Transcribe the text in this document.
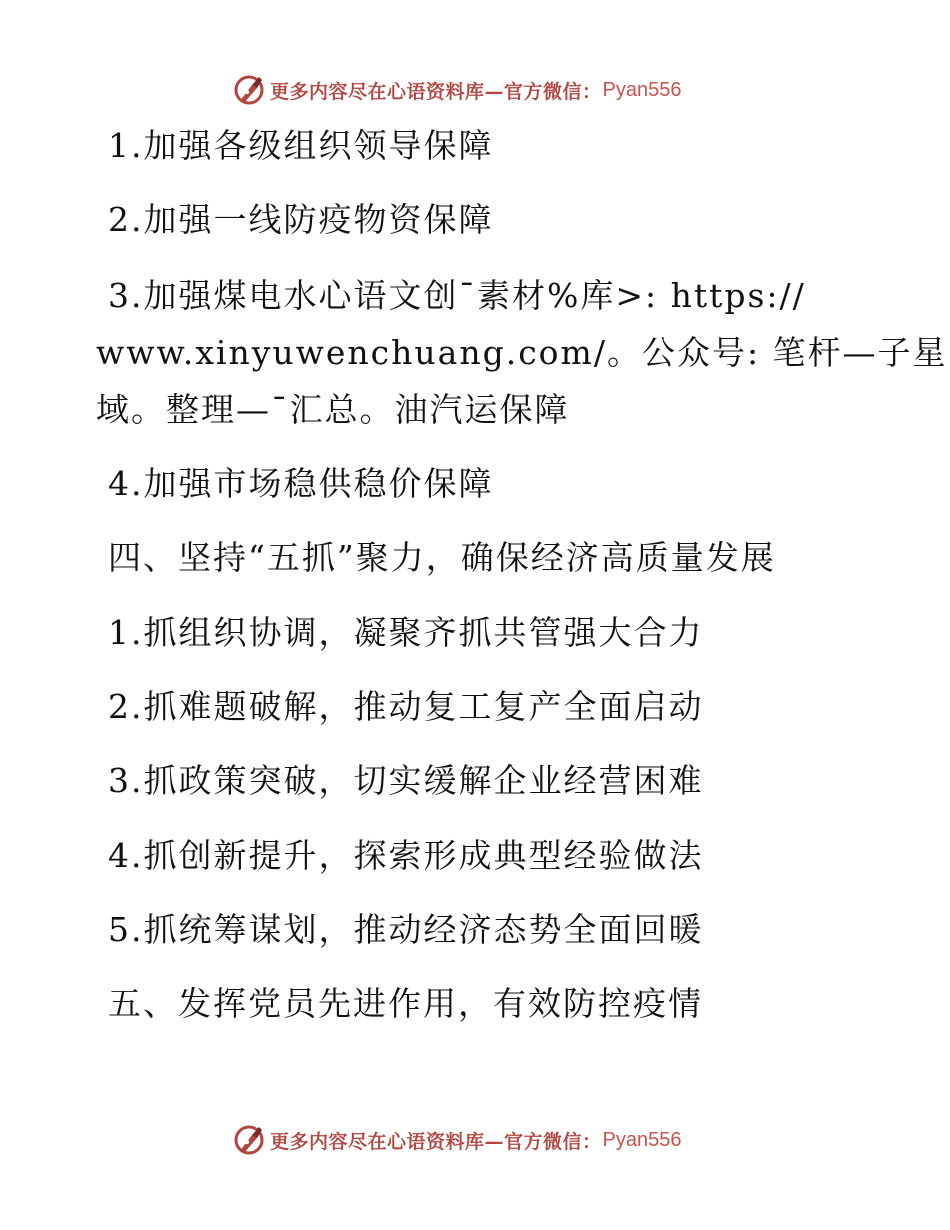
更多内容尽在心语资料库—官方微信： Pyan556

1.加强各级组织领导保障

2.加强一线防疫物资保障

3.加强煤电水心语文创¯素材%库>: https://

www.xinyuwenchuang.com/。公众号: 笔杆—子星

域。整理—¯汇总。油汽运保障

4.加强市场稳供稳价保障

四、坚持“五抓”聚力，确保经济高质量发展

1.抓组织协调，凝聚齐抓共管强大合力

2.抓难题破解，推动复工复产全面启动

3.抓政策突破，切实缓解企业经营困难

4.抓创新提升，探索形成典型经验做法

5.抓统筹谋划，推动经济态势全面回暖

五、发挥党员先进作用，有效防控疫情

更多内容尽在心语资料库—官方微信： Pyan556
